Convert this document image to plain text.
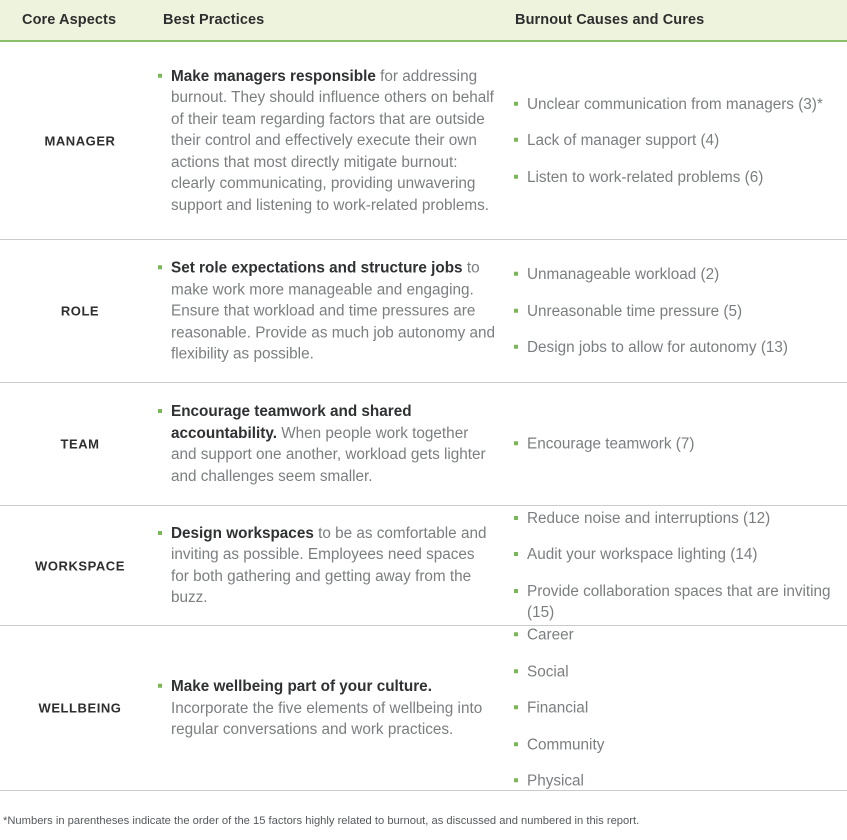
Core Aspects	Best Practices	Burnout Causes and Cures
MANAGER
Make managers responsible for addressing burnout. They should influence others on behalf of their team regarding factors that are outside their control and effectively execute their own actions that most directly mitigate burnout: clearly communicating, providing unwavering support and listening to work-related problems.
Unclear communication from managers (3)*
Lack of manager support (4)
Listen to work-related problems (6)
ROLE
Set role expectations and structure jobs to make work more manageable and engaging. Ensure that workload and time pressures are reasonable. Provide as much job autonomy and flexibility as possible.
Unmanageable workload (2)
Unreasonable time pressure (5)
Design jobs to allow for autonomy (13)
TEAM
Encourage teamwork and shared accountability. When people work together and support one another, workload gets lighter and challenges seem smaller.
Encourage teamwork (7)
WORKSPACE
Design workspaces to be as comfortable and inviting as possible. Employees need spaces for both gathering and getting away from the buzz.
Reduce noise and interruptions (12)
Audit your workspace lighting (14)
Provide collaboration spaces that are inviting (15)
WELLBEING
Make wellbeing part of your culture. Incorporate the five elements of wellbeing into regular conversations and work practices.
Career
Social
Financial
Community
Physical
*Numbers in parentheses indicate the order of the 15 factors highly related to burnout, as discussed and numbered in this report.
